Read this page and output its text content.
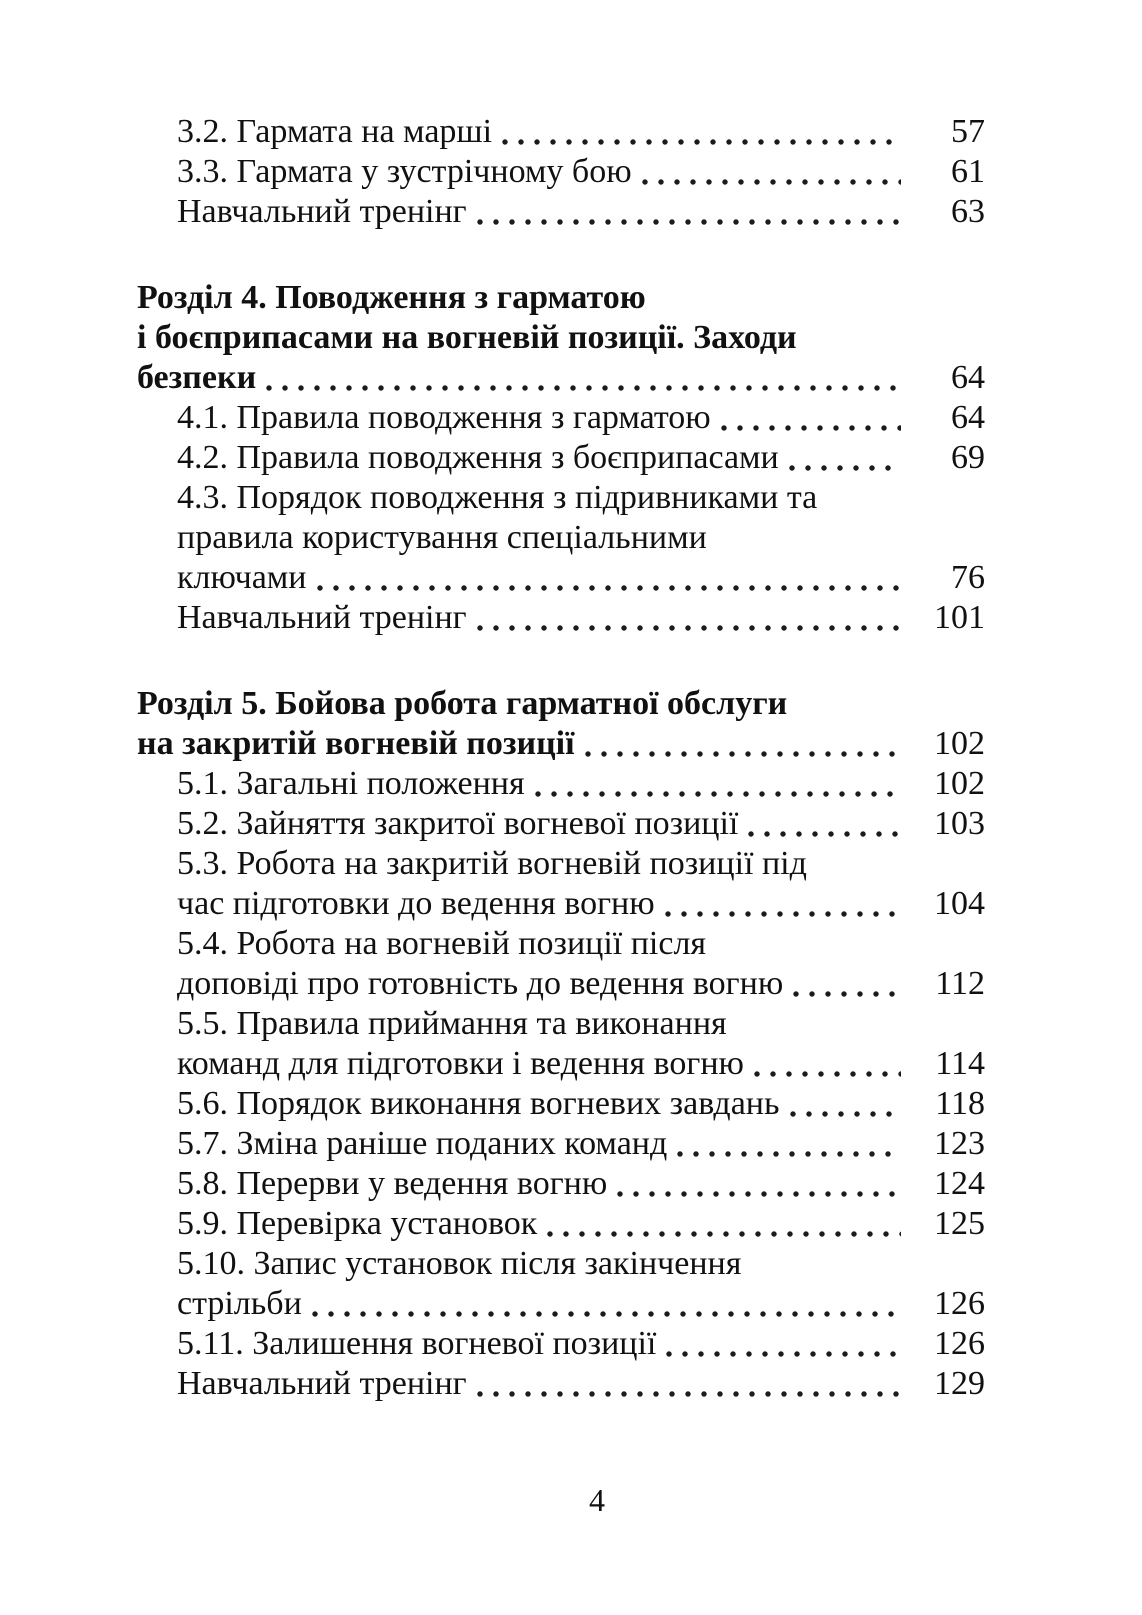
3.2. Гармата на марші	57
3.3. Гармата у зустрічному бою	61
Навчальний тренінг	63
Розділ 4. Поводження з гарматою
і боєприпасами на вогневій позиції. Заходи
безпеки	64
4.1. Правила поводження з гарматою	64
4.2. Правила поводження з боєприпасами	69
4.3. Порядок поводження з підривниками та
правила користування спеціальними
ключами	76
Навчальний тренінг	101
Розділ 5. Бойова робота гарматної обслуги
на закритій вогневій позиції	102
5.1. Загальні положення	102
5.2. Зайняття закритої вогневої позиції	103
5.3. Робота на закритій вогневій позиції під
час підготовки до ведення вогню	104
5.4. Робота на вогневій позиції після
доповіді про готовність до ведення вогню	112
5.5. Правила приймання та виконання
команд для підготовки і ведення вогню	114
5.6. Порядок виконання вогневих завдань	118
5.7. Зміна раніше поданих команд	123
5.8. Перерви у ведення вогню	124
5.9. Перевірка установок	125
5.10. Запис установок після закінчення
стрільби	126
5.11. Залишення вогневої позиції	126
Навчальний тренінг	129
4
